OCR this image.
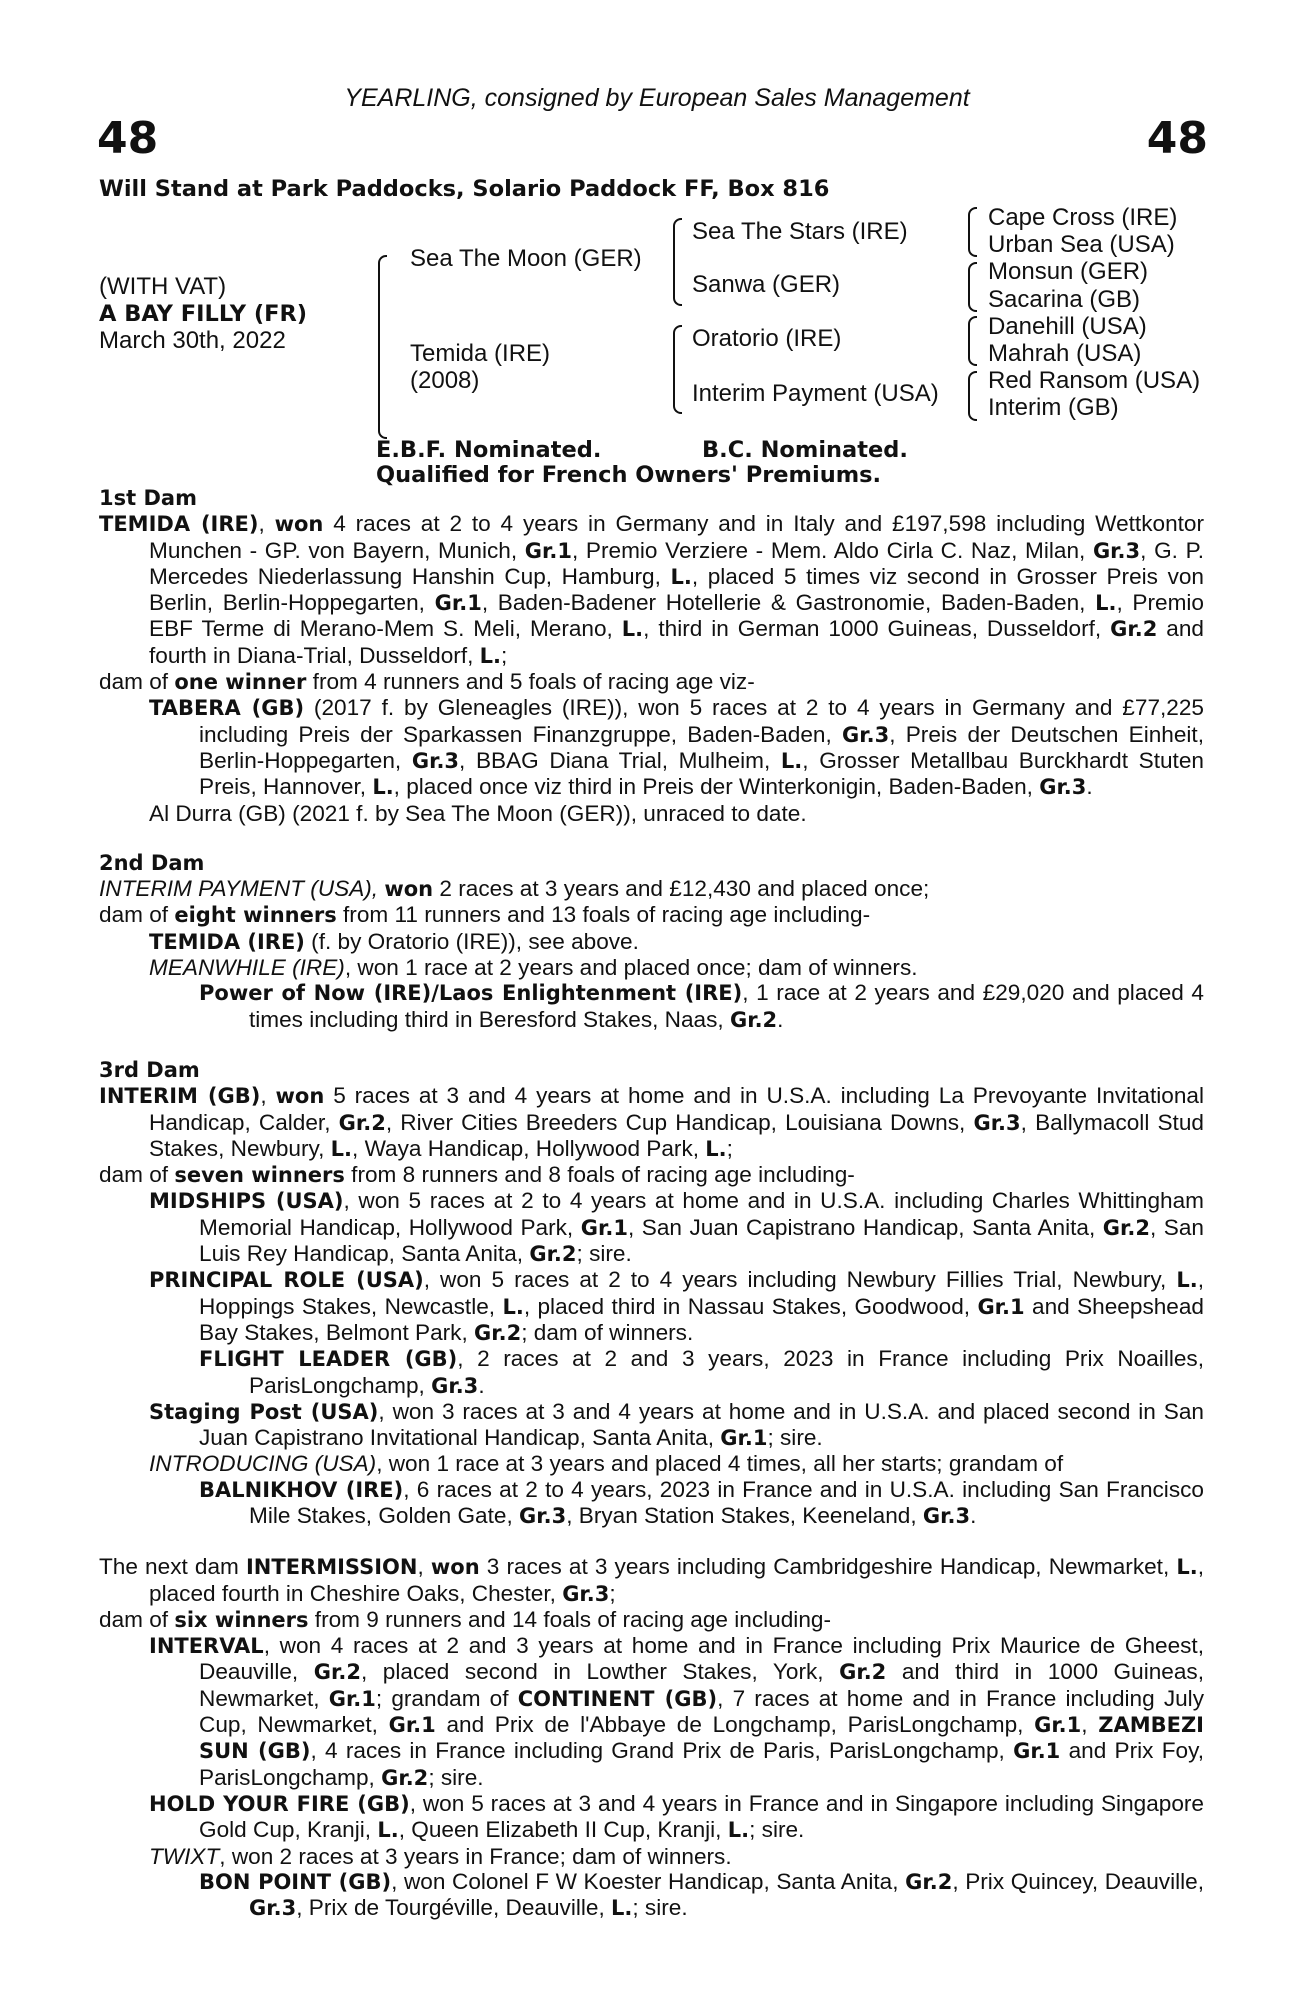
YEARLING, consigned by European Sales Management
48	48
Will Stand at Park Paddocks, Solario Paddock FF, Box 816
(WITH VAT)
A BAY FILLY (FR)
March 30th, 2022
Sea The Moon (GER)
Temida (IRE)
(2008)
Sea The Stars (IRE)
Sanwa (GER)
Oratorio (IRE)
Interim Payment (USA)
Cape Cross (IRE)
Urban Sea (USA)
Monsun (GER)
Sacarina (GB)
Danehill (USA)
Mahrah (USA)
Red Ransom (USA)
Interim (GB)
E.B.F. Nominated.	B.C. Nominated.
Qualified for French Owners' Premiums.

1st Dam

TEMIDA (IRE), won 4 races at 2 to 4 years in Germany and in Italy and £197,598 including Wettkontor Munchen - GP. von Bayern, Munich, Gr.1, Premio Verziere - Mem. Aldo Cirla C. Naz, Milan, Gr.3, G. P. Mercedes Niederlassung Hanshin Cup, Hamburg, L., placed 5 times viz second in Grosser Preis von Berlin, Berlin-Hoppegarten, Gr.1, Baden-Badener Hotellerie & Gastronomie, Baden-Baden, L., Premio EBF Terme di Merano-Mem S. Meli, Merano, L., third in German 1000 Guineas, Dusseldorf, Gr.2 and fourth in Diana-Trial, Dusseldorf, L.;

dam of one winner from 4 runners and 5 foals of racing age viz-

TABERA (GB) (2017 f. by Gleneagles (IRE)), won 5 races at 2 to 4 years in Germany and £77,225 including Preis der Sparkassen Finanzgruppe, Baden-Baden, Gr.3, Preis der Deutschen Einheit, Berlin-Hoppegarten, Gr.3, BBAG Diana Trial, Mulheim, L., Grosser Metallbau Burckhardt Stuten Preis, Hannover, L., placed once viz third in Preis der Winterkonigin, Baden-Baden, Gr.3.

Al Durra (GB) (2021 f. by Sea The Moon (GER)), unraced to date.

2nd Dam

INTERIM PAYMENT (USA), won 2 races at 3 years and £12,430 and placed once;

dam of eight winners from 11 runners and 13 foals of racing age including-

TEMIDA (IRE) (f. by Oratorio (IRE)), see above.

MEANWHILE (IRE), won 1 race at 2 years and placed once; dam of winners.

Power of Now (IRE)/Laos Enlightenment (IRE), 1 race at 2 years and £29,020 and placed 4 times including third in Beresford Stakes, Naas, Gr.2.

3rd Dam

INTERIM (GB), won 5 races at 3 and 4 years at home and in U.S.A. including La Prevoyante Invitational Handicap, Calder, Gr.2, River Cities Breeders Cup Handicap, Louisiana Downs, Gr.3, Ballymacoll Stud Stakes, Newbury, L., Waya Handicap, Hollywood Park, L.;

dam of seven winners from 8 runners and 8 foals of racing age including-

MIDSHIPS (USA), won 5 races at 2 to 4 years at home and in U.S.A. including Charles Whittingham Memorial Handicap, Hollywood Park, Gr.1, San Juan Capistrano Handicap, Santa Anita, Gr.2, San Luis Rey Handicap, Santa Anita, Gr.2; sire.

PRINCIPAL ROLE (USA), won 5 races at 2 to 4 years including Newbury Fillies Trial, Newbury, L., Hoppings Stakes, Newcastle, L., placed third in Nassau Stakes, Goodwood, Gr.1 and Sheepshead Bay Stakes, Belmont Park, Gr.2; dam of winners.

FLIGHT LEADER (GB), 2 races at 2 and 3 years, 2023 in France including Prix Noailles, ParisLongchamp, Gr.3.

Staging Post (USA), won 3 races at 3 and 4 years at home and in U.S.A. and placed second in San Juan Capistrano Invitational Handicap, Santa Anita, Gr.1; sire.

INTRODUCING (USA), won 1 race at 3 years and placed 4 times, all her starts; grandam of

BALNIKHOV (IRE), 6 races at 2 to 4 years, 2023 in France and in U.S.A. including San Francisco Mile Stakes, Golden Gate, Gr.3, Bryan Station Stakes, Keeneland, Gr.3.

The next dam INTERMISSION, won 3 races at 3 years including Cambridgeshire Handicap, Newmarket, L., placed fourth in Cheshire Oaks, Chester, Gr.3;

dam of six winners from 9 runners and 14 foals of racing age including-

INTERVAL, won 4 races at 2 and 3 years at home and in France including Prix Maurice de Gheest, Deauville, Gr.2, placed second in Lowther Stakes, York, Gr.2 and third in 1000 Guineas, Newmarket, Gr.1; grandam of CONTINENT (GB), 7 races at home and in France including July Cup, Newmarket, Gr.1 and Prix de l'Abbaye de Longchamp, ParisLongchamp, Gr.1, ZAMBEZI SUN (GB), 4 races in France including Grand Prix de Paris, ParisLongchamp, Gr.1 and Prix Foy, ParisLongchamp, Gr.2; sire.

HOLD YOUR FIRE (GB), won 5 races at 3 and 4 years in France and in Singapore including Singapore Gold Cup, Kranji, L., Queen Elizabeth II Cup, Kranji, L.; sire.

TWIXT, won 2 races at 3 years in France; dam of winners.

BON POINT (GB), won Colonel F W Koester Handicap, Santa Anita, Gr.2, Prix Quincey, Deauville, Gr.3, Prix de Tourgéville, Deauville, L.; sire.
